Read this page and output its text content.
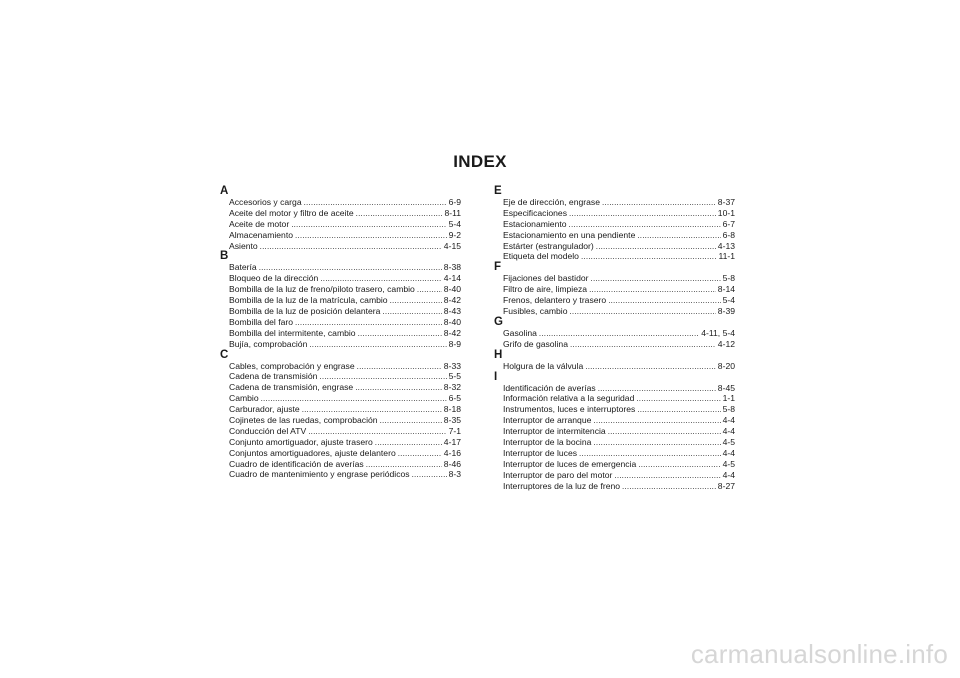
INDEX
A
Accesorios y carga .....	6-9
Aceite del motor y filtro de aceite .....	8-11
Aceite de motor .....	5-4
Almacenamiento .....	9-2
Asiento .....	4-15
B
Batería .....	8-38
Bloqueo de la dirección .....	4-14
Bombilla de la luz de freno/piloto trasero, cambio .....	8-40
Bombilla de la luz de la matrícula, cambio .....	8-42
Bombilla de la luz de posición delantera .....	8-43
Bombilla del faro .....	8-40
Bombilla del intermitente, cambio .....	8-42
Bujía, comprobación .....	8-9
C
Cables, comprobación y engrase .....	8-33
Cadena de transmisión .....	5-5
Cadena de transmisión, engrase .....	8-32
Cambio .....	6-5
Carburador, ajuste .....	8-18
Cojinetes de las ruedas, comprobación .....	8-35
Conducción del ATV .....	7-1
Conjunto amortiguador, ajuste trasero .....	4-17
Conjuntos amortiguadores, ajuste delantero .....	4-16
Cuadro de identificación de averías .....	8-46
Cuadro de mantenimiento y engrase periódicos .....	8-3
E
Eje de dirección, engrase .....	8-37
Especificaciones .....	10-1
Estacionamiento .....	6-7
Estacionamiento en una pendiente .....	6-8
Estárter (estrangulador) .....	4-13
Etiqueta del modelo .....	11-1
F
Fijaciones del bastidor .....	5-8
Filtro de aire, limpieza .....	8-14
Frenos, delantero y trasero .....	5-4
Fusibles, cambio .....	8-39
G
Gasolina .....	4-11, 5-4
Grifo de gasolina .....	4-12
H
Holgura de la válvula .....	8-20
I
Identificación de averías .....	8-45
Información relativa a la seguridad .....	1-1
Instrumentos, luces e interruptores .....	5-8
Interruptor de arranque .....	4-4
Interruptor de intermitencia .....	4-4
Interruptor de la bocina .....	4-5
Interruptor de luces .....	4-4
Interruptor de luces de emergencia .....	4-5
Interruptor de paro del motor .....	4-4
Interruptores de la luz de freno .....	8-27
carmanualsonline.info
